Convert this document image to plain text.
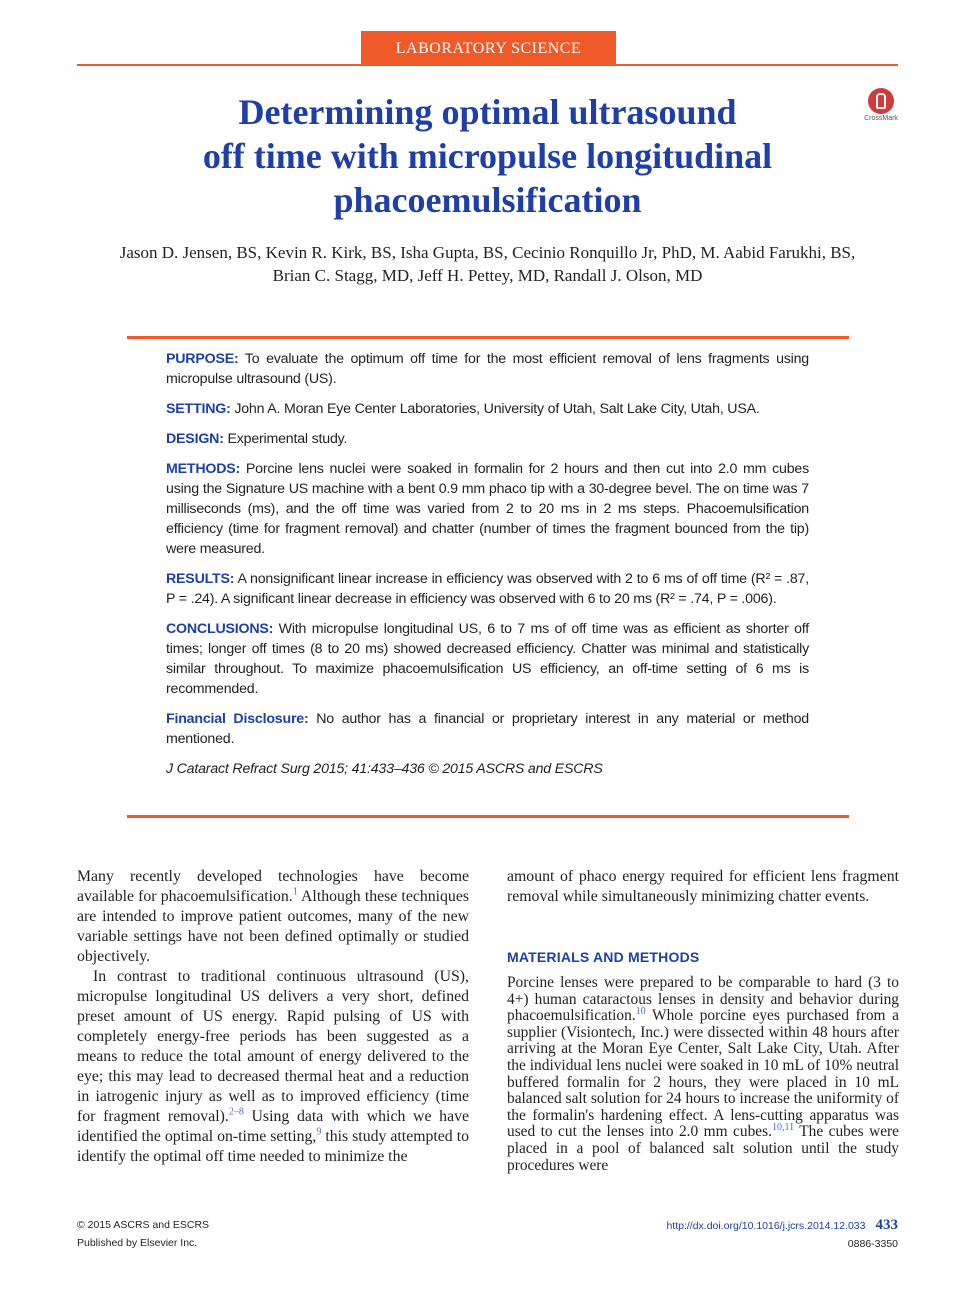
LABORATORY SCIENCE
Determining optimal ultrasound
off time with micropulse longitudinal
phacoemulsification
CrossMark
Jason D. Jensen, BS, Kevin R. Kirk, BS, Isha Gupta, BS, Cecinio Ronquillo Jr, PhD, M. Aabid Farukhi, BS,
Brian C. Stagg, MD, Jeff H. Pettey, MD, Randall J. Olson, MD

PURPOSE: To evaluate the optimum off time for the most efficient removal of lens fragments using micropulse ultrasound (US).

SETTING: John A. Moran Eye Center Laboratories, University of Utah, Salt Lake City, Utah, USA.

DESIGN: Experimental study.

METHODS: Porcine lens nuclei were soaked in formalin for 2 hours and then cut into 2.0 mm cubes using the Signature US machine with a bent 0.9 mm phaco tip with a 30-degree bevel. The on time was 7 milliseconds (ms), and the off time was varied from 2 to 20 ms in 2 ms steps. Phacoemulsification efficiency (time for fragment removal) and chatter (number of times the fragment bounced from the tip) were measured.

RESULTS: A nonsignificant linear increase in efficiency was observed with 2 to 6 ms of off time (R² = .87, P = .24). A significant linear decrease in efficiency was observed with 6 to 20 ms (R² = .74, P = .006).

CONCLUSIONS: With micropulse longitudinal US, 6 to 7 ms of off time was as efficient as shorter off times; longer off times (8 to 20 ms) showed decreased efficiency. Chatter was minimal and statistically similar throughout. To maximize phacoemulsification US efficiency, an off-time setting of 6 ms is recommended.

Financial Disclosure: No author has a financial or proprietary interest in any material or method mentioned.

J Cataract Refract Surg 2015; 41:433–436 © 2015 ASCRS and ESCRS

Many recently developed technologies have become available for phacoemulsification.$^1$ Although these techniques are intended to improve patient outcomes, many of the new variable settings have not been defined optimally or studied objectively.

In contrast to traditional continuous ultrasound (US), micropulse longitudinal US delivers a very short, defined preset amount of US energy. Rapid pulsing of US with completely energy-free periods has been suggested as a means to reduce the total amount of energy delivered to the eye; this may lead to decreased thermal heat and a reduction in iatrogenic injury as well as to improved efficiency (time for fragment removal).$^{2-8}$ Using data with which we have identified the optimal on-time setting,$^9$ this study attempted to identify the optimal off time needed to minimize the

amount of phaco energy required for efficient lens fragment removal while simultaneously minimizing chatter events.

MATERIALS AND METHODS

Porcine lenses were prepared to be comparable to hard (3 to 4+) human cataractous lenses in density and behavior during phacoemulsification.$^{10}$ Whole porcine eyes purchased from a supplier (Visiontech, Inc.) were dissected within 48 hours after arriving at the Moran Eye Center, Salt Lake City, Utah. After the individual lens nuclei were soaked in 10 mL of 10% neutral buffered formalin for 2 hours, they were placed in 10 mL balanced salt solution for 24 hours to increase the uniformity of the formalin's hardening effect. A lens-cutting apparatus was used to cut the lenses into 2.0 mm cubes.$^{10,11}$ The cubes were placed in a pool of balanced salt solution until the study procedures were

© 2015 ASCRS and ESCRS
Published by Elsevier Inc.
http://dx.doi.org/10.1016/j.jcrs.2014.12.033 433
0886-3350
